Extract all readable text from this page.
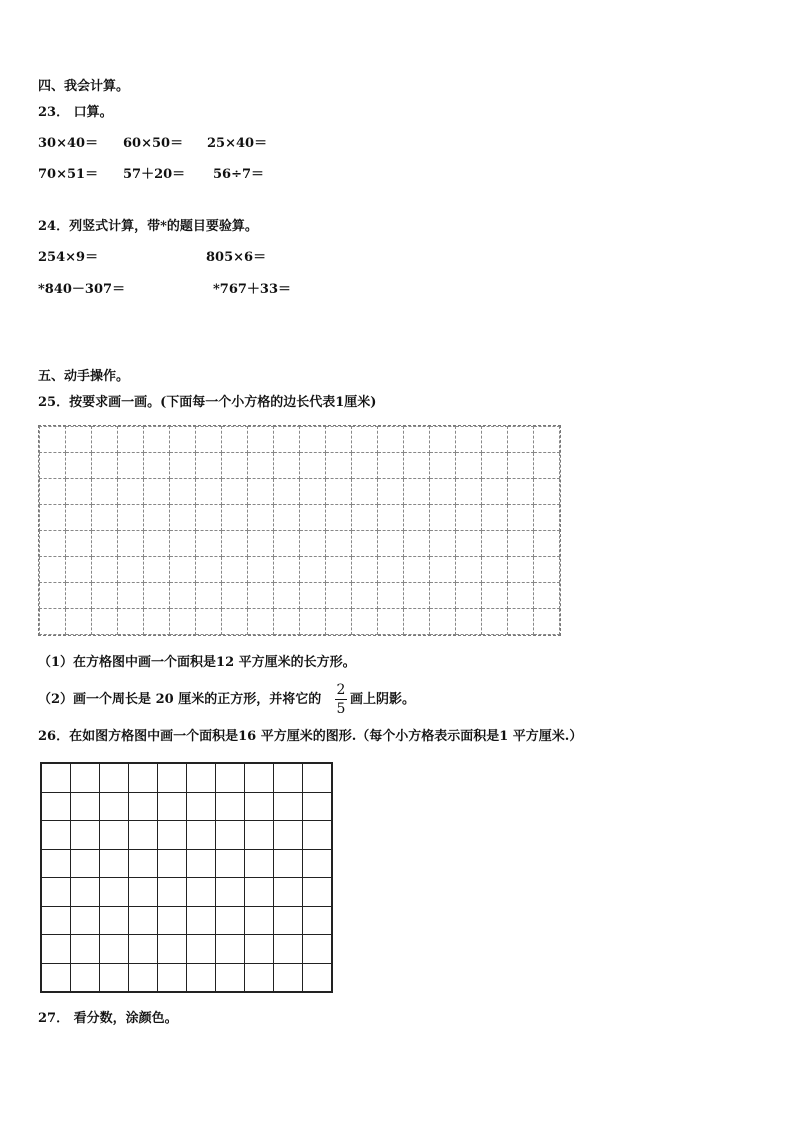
四、我会计算。
23． 口算。
30×40＝ 60×50＝ 25×40＝
70×51＝ 57＋20＝ 56÷7＝
24．列竖式计算，带*的题目要验算。
254×9＝	805×6＝
*840－307＝	*767＋33＝
五、动手操作。
25．按要求画一画。(下面每一个小方格的边长代表1厘米)

（1）在方格图中画一个面积是12 平方厘米的长方形。
（2）画一个周长是 20 厘米的正方形，并将它的
2
5
画上阴影。
26．在如图方格图中画一个面积是16 平方厘米的图形.（每个小方格表示面积是1 平方厘米.）

27． 看分数，涂颜色。
